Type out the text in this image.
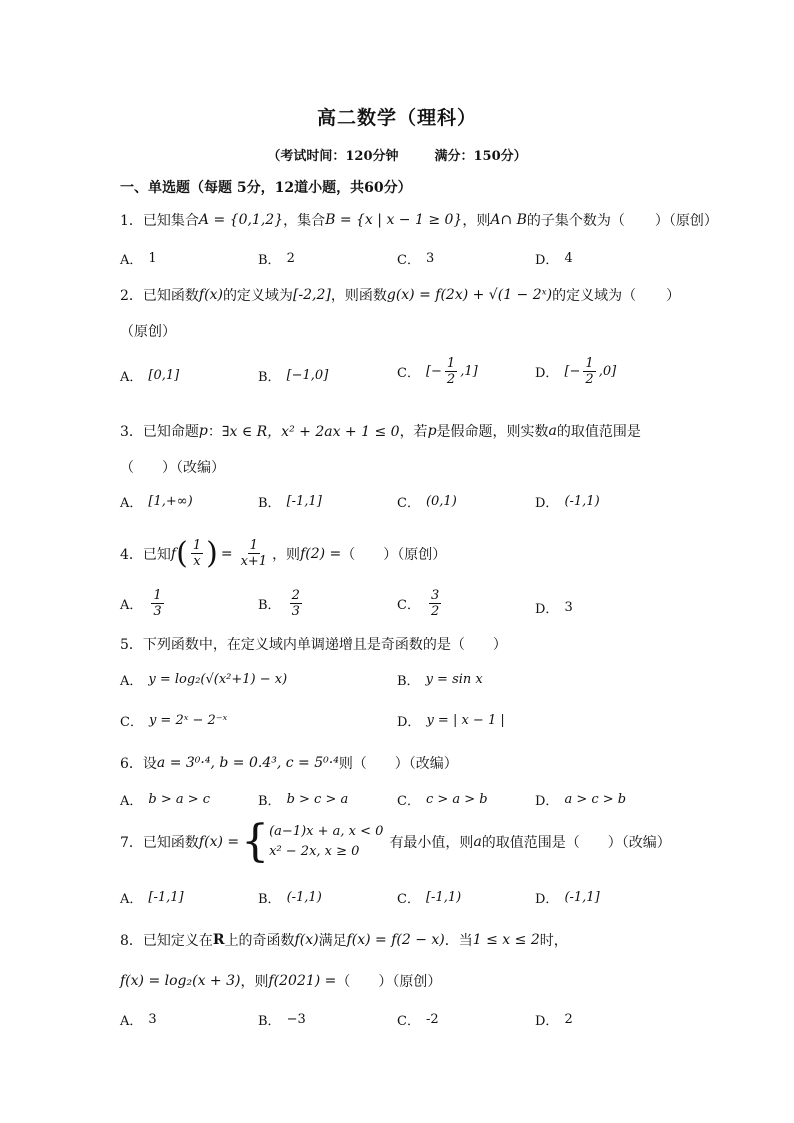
高二数学（理科）
（考试时间：120分钟	满分：150分）
一、单选题（每题 5分，12道小题，共60分）
1．已知集合 A = {0,1,2} ，集合 B = {x | x − 1 ≥ 0} ，则 A∩ B 的子集个数为（ ）（原创）
A． 1	B． 2	C． 3	D． 4
2．已知函数 f(x) 的定义域为 [-2,2] ，则函数 g(x) = f(2x) + √(1 − 2ˣ) 的定义域为（ ）
（原创）
A． [0,1]	B． [−1,0]	C． [− $\frac{1}{2} ,1$]	D． [− $\frac{1}{2} ,0$]
3．已知命题 p ： ∃x ∈ R，x² + 2ax + 1 ≤ 0 ，若 p 是假命题，则实数 a 的取值范围是
（　　）（改编）
A． [1,+∞)	B． [-1,1]	C． (0,1)	D． (-1,1)
4．已知 f ( $\frac{1}{x}$ ) = $\frac{1}{x+1}$ ，则 f(2) = （　　）（原创）
A． $\frac{1}{3}$	B． $\frac{2}{3}$	C． $\frac{3}{2}$	D． 3
5．下列函数中，在定义域内单调递增且是奇函数的是（　　）
A． y = log₂(√(x²+1) − x)	B． y = sin x
C． y = 2ˣ − 2⁻ˣ	D． y = | x − 1 |
6．设 a = 3⁰·⁴, b = 0.4³, c = 5⁰·⁴ 则（　　）（改编）
A． b > a > c	B． b > c > a	C． c > a > b	D． a > c > b
7．已知函数 f(x) = { (a−1)x + a, x < 0
x² − 2x, x ≥ 0
有最小值，则 a 的取值范围是（　　）（改编）
A． [-1,1]	B． (-1,1)	C． [-1,1)	D． (-1,1]
8．已知定义在 R 上的奇函数 f(x) 满足 f(x) = f(2 − x) ．当 1 ≤ x ≤ 2 时，
f(x) = log₂(x + 3) ，则 f(2021) = （　　）（原创）
A． 3	B． −3	C． -2	D． 2
